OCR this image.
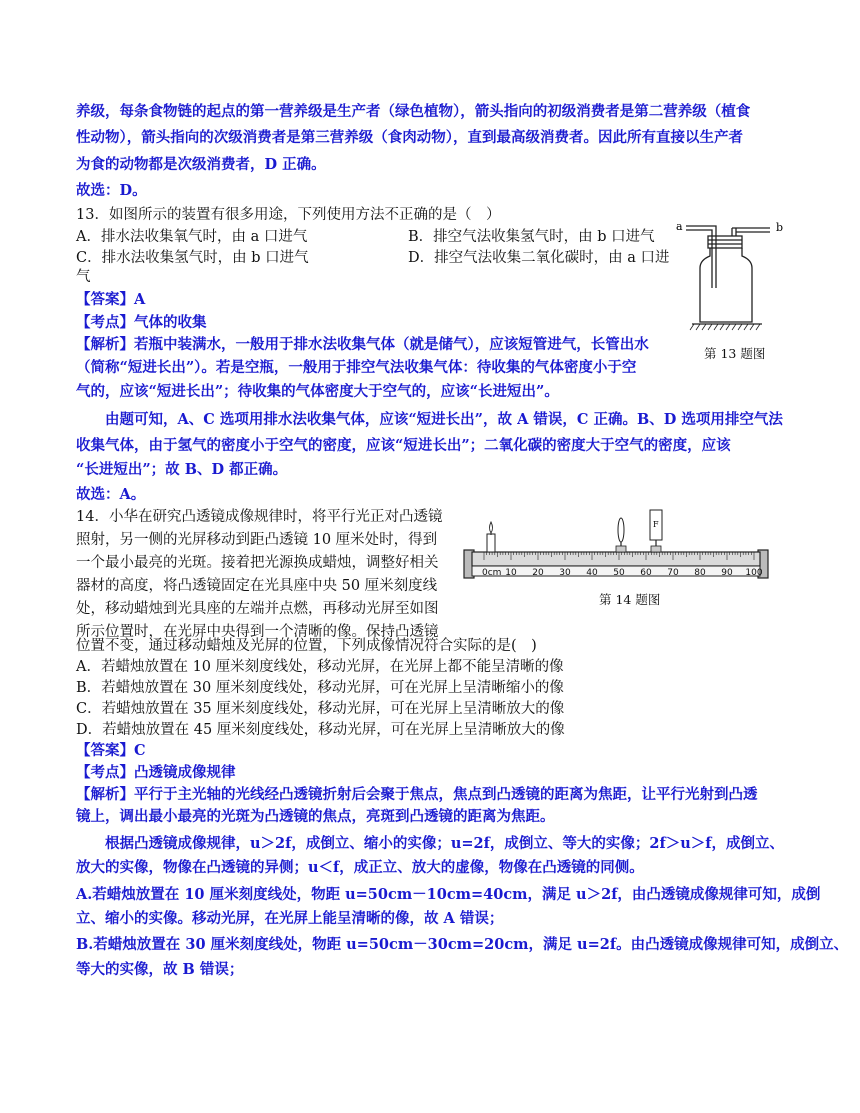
养级，每条食物链的起点的第一营养级是生产者（绿色植物），箭头指向的初级消费者是第二营养级（植食
性动物），箭头指向的次级消费者是第三营养级（食肉动物），直到最高级消费者。因此所有直接以生产者
为食的动物都是次级消费者，D 正确。
故选：D。
13．如图所示的装置有很多用途，下列使用方法不正确的是（　）
A．排水法收集氧气时，由 a 口进气	B．排空气法收集氢气时，由 b 口进气
C．排水法收集氢气时，由 b 口进气	D．排空气法收集二氧化碳时，由 a 口进
气
【答案】A
【考点】气体的收集
【解析】若瓶中装满水，一般用于排水法收集气体（就是储气），应该短管进气，长管出水
（简称“短进长出”）。若是空瓶，一般用于排空气法收集气体：待收集的气体密度小于空
气的，应该“短进长出”；待收集的气体密度大于空气的，应该“长进短出”。
由题可知，A、C 选项用排水法收集气体，应该“短进长出”，故 A 错误，C 正确。B、D 选项用排空气法
收集气体，由于氢气的密度小于空气的密度，应该“短进长出”；二氧化碳的密度大于空气的密度，应该
“长进短出”；故 B、D 都正确。
故选：A。
a	b
第 13 题图
14．小华在研究凸透镜成像规律时，将平行光正对凸透镜
照射，另一侧的光屏移动到距凸透镜 10 厘米处时，得到
一个最小最亮的光斑。接着把光源换成蜡烛，调整好相关
器材的高度，将凸透镜固定在光具座中央 50 厘米刻度线
处，移动蜡烛到光具座的左端并点燃，再移动光屏至如图
所示位置时，在光屏中央得到一个清晰的像。保持凸透镜
位置不变，通过移动蜡烛及光屏的位置，下列成像情况符合实际的是(　)
A．若蜡烛放置在 10 厘米刻度线处，移动光屏，在光屏上都不能呈清晰的像
B．若蜡烛放置在 30 厘米刻度线处，移动光屏，可在光屏上呈清晰缩小的像
C．若蜡烛放置在 35 厘米刻度线处，移动光屏，可在光屏上呈清晰放大的像
D．若蜡烛放置在 45 厘米刻度线处，移动光屏，可在光屏上呈清晰放大的像
【答案】C
【考点】凸透镜成像规律
【解析】平行于主光轴的光线经凸透镜折射后会聚于焦点，焦点到凸透镜的距离为焦距，让平行光射到凸透
镜上，调出最小最亮的光斑为凸透镜的焦点，亮斑到凸透镜的距离为焦距。
根据凸透镜成像规律，u＞2f，成倒立、缩小的实像；u=2f，成倒立、等大的实像；2f＞u＞f，成倒立、
放大的实像，物像在凸透镜的异侧；u＜f，成正立、放大的虚像，物像在凸透镜的同侧。
A.若蜡烛放置在 10 厘米刻度线处，物距 u=50cm－10cm=40cm，满足 u＞2f，由凸透镜成像规律可知，成倒
立、缩小的实像。移动光屏，在光屏上能呈清晰的像，故 A 错误；
B.若蜡烛放置在 30 厘米刻度线处，物距 u=50cm－30cm=20cm，满足 u=2f。由凸透镜成像规律可知，成倒立、
等大的实像，故 B 错误；
0cm 10 20 30 40 50 60 70 80 90 100
F
第 14 题图
